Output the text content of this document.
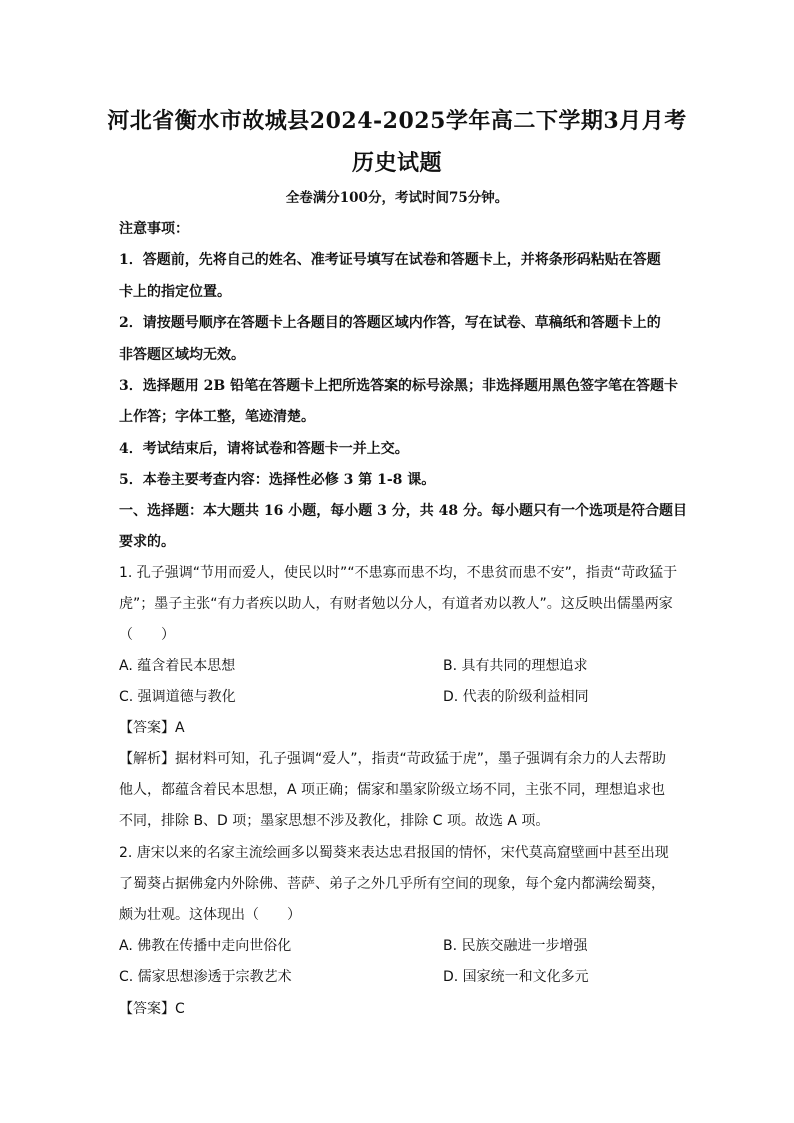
河北省衡水市故城县2024-2025学年高二下学期3月月考
历史试题
全卷满分100分，考试时间75分钟。
注意事项：
1．答题前，先将自己的姓名、准考证号填写在试卷和答题卡上，并将条形码粘贴在答题
卡上的指定位置。
2．请按题号顺序在答题卡上各题目的答题区域内作答，写在试卷、草稿纸和答题卡上的
非答题区域均无效。
3．选择题用 2B 铅笔在答题卡上把所选答案的标号涂黑；非选择题用黑色签字笔在答题卡
上作答；字体工整，笔迹清楚。
4．考试结束后，请将试卷和答题卡一并上交。
5．本卷主要考查内容：选择性必修 3 第 1-8 课。
一、选择题：本大题共 16 小题，每小题 3 分，共 48 分。每小题只有一个选项是符合题目
要求的。
1. 孔子强调“节用而爱人，使民以时”“不患寡而患不均，不患贫而患不安”，指责“苛政猛于
虎”；墨子主张“有力者疾以助人，有财者勉以分人，有道者劝以教人”。这反映出儒墨两家
（　　）
A. 蕴含着民本思想	B. 具有共同的理想追求
C. 强调道德与教化	D. 代表的阶级利益相同
【答案】A
【解析】据材料可知，孔子强调“爱人”，指责“苛政猛于虎”，墨子强调有余力的人去帮助
他人，都蕴含着民本思想，A 项正确；儒家和墨家阶级立场不同，主张不同，理想追求也
不同，排除 B、D 项；墨家思想不涉及教化，排除 C 项。故选 A 项。
2. 唐宋以来的名家主流绘画多以蜀葵来表达忠君报国的情怀，宋代莫高窟壁画中甚至出现
了蜀葵占据佛龛内外除佛、菩萨、弟子之外几乎所有空间的现象，每个龛内都满绘蜀葵，
颇为壮观。这体现出（　　）
A. 佛教在传播中走向世俗化	B. 民族交融进一步增强
C. 儒家思想渗透于宗教艺术	D. 国家统一和文化多元
【答案】C
